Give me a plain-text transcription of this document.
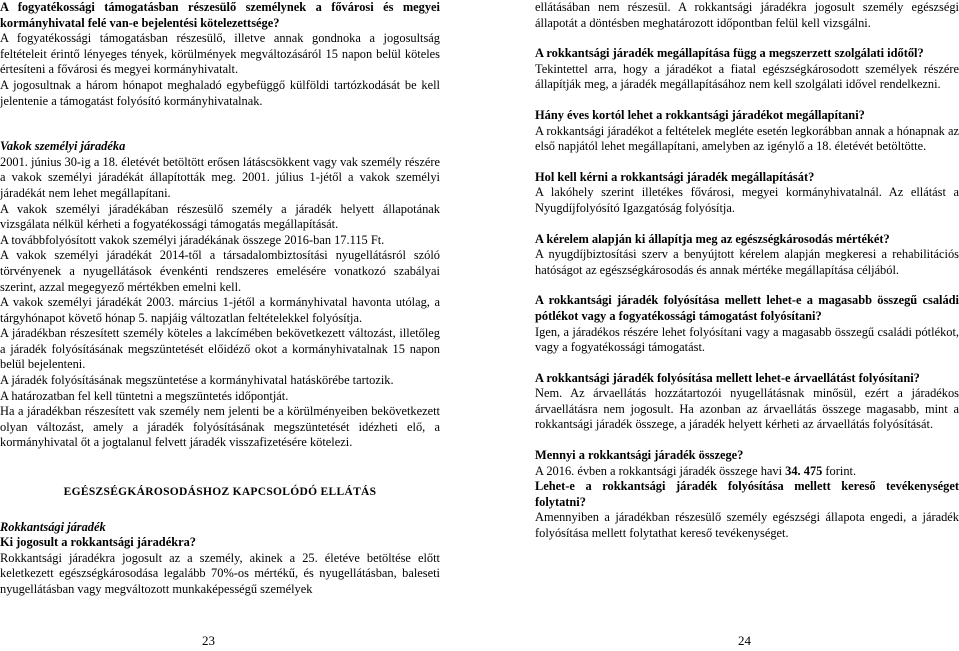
A fogyatékossági támogatásban részesülő személynek a fővárosi és megyei kormányhivatal felé van-e bejelentési kötelezettsége?

A fogyatékossági támogatásban részesülő, illetve annak gondnoka a jogosultság feltételeit érintő lényeges tények, körülmények megváltozásáról 15 napon belül köteles értesíteni a fővárosi és megyei kormányhivatalt.

A jogosultnak a három hónapot meghaladó egybefüggő külföldi tartózkodását be kell jelentenie a támogatást folyósító kormányhivatalnak.

Vakok személyi járadéka

2001. június 30-ig a 18. életévét betöltött erősen látáscsökkent vagy vak személy részére a vakok személyi járadékát állapították meg. 2001. július 1-jétől a vakok személyi járadékát nem lehet megállapítani.

A vakok személyi járadékában részesülő személy a járadék helyett állapotának vizsgálata nélkül kérheti a fogyatékossági támogatás megállapítását.

A továbbfolyósított vakok személyi járadékának összege 2016-ban 17.115 Ft.

A vakok személyi járadékát 2014-től a társadalombiztosítási nyugellátásról szóló törvényenek a nyugellátások évenkénti rendszeres emelésére vonatkozó szabályai szerint, azzal megegyező mértékben emelni kell.

A vakok személyi járadékát 2003. március 1-jétől a kormányhivatal havonta utólag, a tárgyhónapot követő hónap 5. napjáig változatlan feltételekkel folyósítja.

A járadékban részesített személy köteles a lakcímében bekövetkezett változást, illetőleg a járadék folyósításának megszüntetését előidéző okot a kormányhivatalnak 15 napon belül bejelenteni.

A járadék folyósításának megszüntetése a kormányhivatal hatáskörébe tartozik.

A határozatban fel kell tüntetni a megszüntetés időpontját.

Ha a járadékban részesített vak személy nem jelenti be a körülményeiben bekövetkezett olyan változást, amely a járadék folyósításának megszüntetését idézheti elő, a kormányhivatal őt a jogtalanul felvett járadék visszafizetésére kötelezi.

EGÉSZSÉGKÁROSODÁSHOZ KAPCSOLÓDÓ ELLÁTÁS

Rokkantsági járadék

Ki jogosult a rokkantsági járadékra?

Rokkantsági járadékra jogosult az a személy, akinek a 25. életéve betöltése előtt keletkezett egészségkárosodása legalább 70%-os mértékű, és nyugellátásban, baleseti nyugellátásban vagy megváltozott munkaképességű személyek

23

ellátásában nem részesül. A rokkantsági járadékra jogosult személy egészségi állapotát a döntésben meghatározott időpontban felül kell vizsgálni.

A rokkantsági járadék megállapítása függ a megszerzett szolgálati időtől?

Tekintettel arra, hogy a járadékot a fiatal egészségkárosodott személyek részére állapítják meg, a járadék megállapításához nem kell szolgálati idővel rendelkezni.

Hány éves kortól lehet a rokkantsági járadékot megállapítani?

A rokkantsági járadékot a feltételek megléte esetén legkorábban annak a hónapnak az első napjától lehet megállapítani, amelyben az igénylő a 18. életévét betöltötte.

Hol kell kérni a rokkantsági járadék megállapítását?

A lakóhely szerint illetékes fővárosi, megyei kormányhivatalnál. Az ellátást a Nyugdíjfolyósító Igazgatóság folyósítja.

A kérelem alapján ki állapítja meg az egészségkárosodás mértékét?

A nyugdíjbiztosítási szerv a benyújtott kérelem alapján megkeresi a rehabilitációs hatóságot az egészségkárosodás és annak mértéke megállapítása céljából.

A rokkantsági járadék folyósítása mellett lehet-e a magasabb összegű családi pótlékot vagy a fogyatékossági támogatást folyósítani?

Igen, a járadékos részére lehet folyósítani vagy a magasabb összegű családi pótlékot, vagy a fogyatékossági támogatást.

A rokkantsági járadék folyósítása mellett lehet-e árvaellátást folyósítani?

Nem. Az árvaellátás hozzátartozói nyugellátásnak minősül, ezért a járadékos árvaellátásra nem jogosult. Ha azonban az árvaellátás összege magasabb, mint a rokkantsági járadék összege, a járadék helyett kérheti az árvaellátás folyósítását.

Mennyi a rokkantsági járadék összege?

A 2016. évben a rokkantsági járadék összege havi 34. 475 forint.

Lehet-e a rokkantsági járadék folyósítása mellett kereső tevékenységet folytatni?

Amennyiben a járadékban részesülő személy egészségi állapota engedi, a járadék folyósítása mellett folytathat kereső tevékenységet.

24
